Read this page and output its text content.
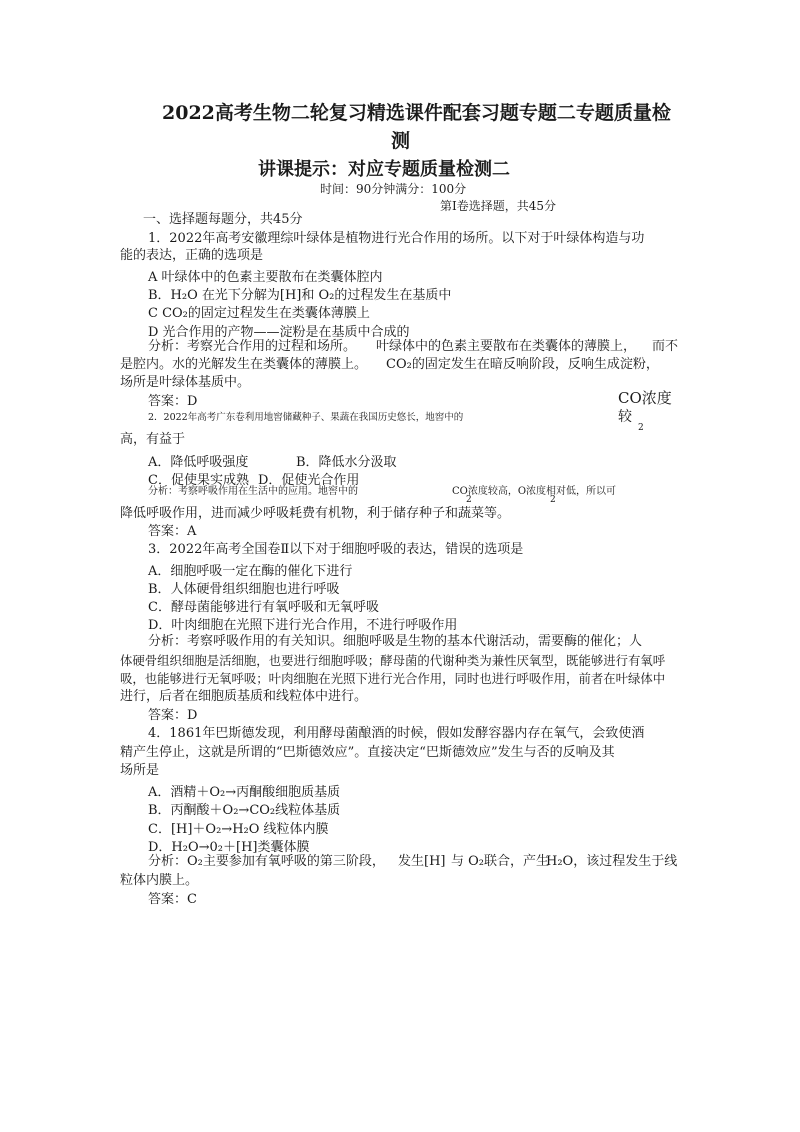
2022高考生物二轮复习精选课件配套习题专题二专题质量检
测
讲课提示：对应专题质量检测二
时间：90分钟满分：100分
第Ⅰ卷选择题，共45分
一、选择题每题分，共45分
1．2022年高考安徽理综叶绿体是植物进行光合作用的场所。以下对于叶绿体构造与功
能的表达，正确的选项是
A 叶绿体中的色素主要散布在类囊体腔内
B．H₂O 在光下分解为[H]和 O₂的过程发生在基质中
C CO₂的固定过程发生在类囊体薄膜上
D 光合作用的产物——淀粉是在基质中合成的
分析：考察光合作用的过程和场所。 叶绿体中的色素主要散布在类囊体的薄膜上， 而不
是腔内。水的光解发生在类囊体的薄膜上。 CO₂的固定发生在暗反响阶段，反响生成淀粉，
场所是叶绿体基质中。
答案：D	CO浓度
较
2
2．2022年高考广东卷利用地窖储藏种子、果蔬在我国历史悠长，地窖中的
高，有益于
A．降低呼吸强度	B．降低水分汲取
C．促使果实成熟 D．促使光合作用
分析：考察呼吸作用在生活中的应用。地窖中的	CO浓度较高，O浓度相对低，所以可
2	2
降低呼吸作用，进而减少呼吸耗费有机物，利于储存种子和蔬菜等。
答案：A
3．2022年高考全国卷Ⅱ以下对于细胞呼吸的表达，错误的选项是
A．细胞呼吸一定在酶的催化下进行
B．人体硬骨组织细胞也进行呼吸
C．酵母菌能够进行有氧呼吸和无氧呼吸
D．叶肉细胞在光照下进行光合作用，不进行呼吸作用
分析：考察呼吸作用的有关知识。细胞呼吸是生物的基本代谢活动，需要酶的催化；人
体硬骨组织细胞是活细胞，也要进行细胞呼吸；酵母菌的代谢种类为兼性厌氧型，既能够进行有氧呼
吸，也能够进行无氧呼吸；叶肉细胞在光照下进行光合作用，同时也进行呼吸作用，前者在叶绿体中
进行，后者在细胞质基质和线粒体中进行。
答案：D
4．1861年巴斯德发现，利用酵母菌酿酒的时候，假如发酵容器内存在氧气，会致使酒
精产生停止，这就是所谓的“巴斯德效应”。直接决定“巴斯德效应”发生与否的反响及其
场所是
A．酒精＋O₂→丙酮酸细胞质基质
B．丙酮酸＋O₂→CO₂线粒体基质
C．[H]＋O₂→H₂O 线粒体内膜
D．H₂O→0₂＋[H]类囊体膜
分析：O₂主要参加有氧呼吸的第三阶段， 发生[H] 与 O₂联合，产生
H₂O，该过程发生于线
粒体内膜上。
答案：C
